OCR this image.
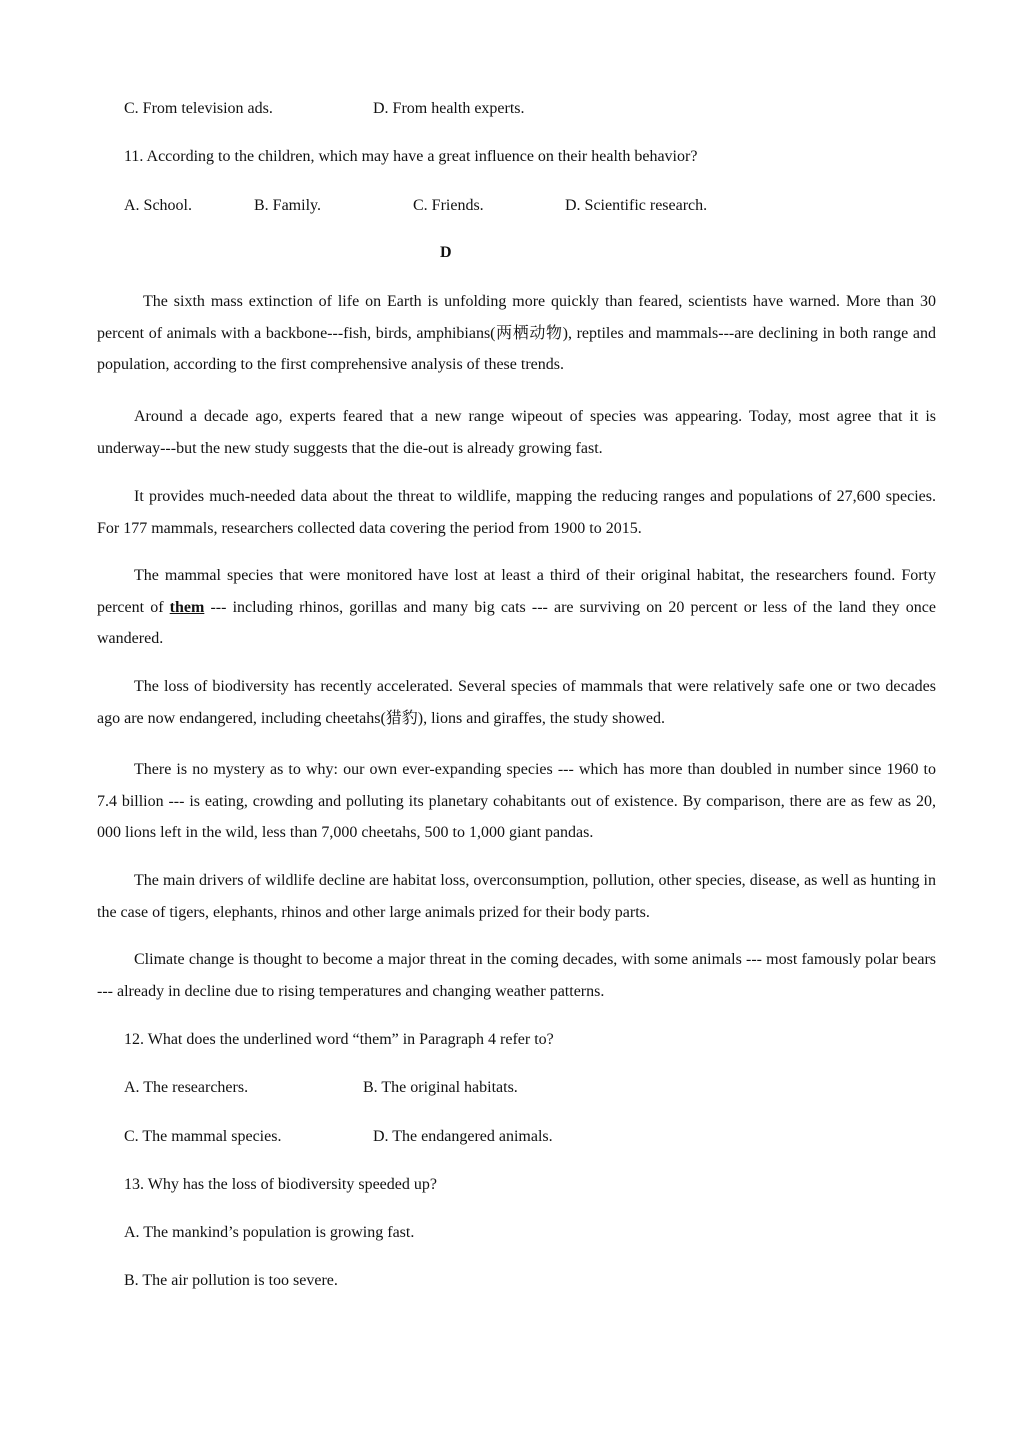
C. From television ads.	D. From health experts.
11. According to the children, which may have a great influence on their health behavior?
A. School.	B. Family.	C. Friends.	D. Scientific research.
D
The sixth mass extinction of life on Earth is unfolding more quickly than feared, scientists have warned. More than 30 percent of animals with a backbone---fish, birds, amphibians(两栖动物), reptiles and mammals---are declining in both range and population, according to the first comprehensive analysis of these trends.
Around a decade ago, experts feared that a new range wipeout of species was appearing. Today, most agree that it is underway---but the new study suggests that the die-out is already growing fast.
It provides much-needed data about the threat to wildlife, mapping the reducing ranges and populations of 27,600 species. For 177 mammals, researchers collected data covering the period from 1900 to 2015.
The mammal species that were monitored have lost at least a third of their original habitat, the researchers found. Forty percent of them --- including rhinos, gorillas and many big cats --- are surviving on 20 percent or less of the land they once wandered.
The loss of biodiversity has recently accelerated. Several species of mammals that were relatively safe one or two decades ago are now endangered, including cheetahs(猎豹), lions and giraffes, the study showed.
There is no mystery as to why: our own ever-expanding species --- which has more than doubled in number since 1960 to 7.4 billion --- is eating, crowding and polluting its planetary cohabitants out of existence. By comparison, there are as few as 20, 000 lions left in the wild, less than 7,000 cheetahs, 500 to 1,000 giant pandas.
The main drivers of wildlife decline are habitat loss, overconsumption, pollution, other species, disease, as well as hunting in the case of tigers, elephants, rhinos and other large animals prized for their body parts.
Climate change is thought to become a major threat in the coming decades, with some animals --- most famously polar bears --- already in decline due to rising temperatures and changing weather patterns.
12. What does the underlined word “them” in Paragraph 4 refer to?
A. The researchers.	B. The original habitats.
C. The mammal species.	D. The endangered animals.
13. Why has the loss of biodiversity speeded up?
A. The mankind’s population is growing fast.
B. The air pollution is too severe.
